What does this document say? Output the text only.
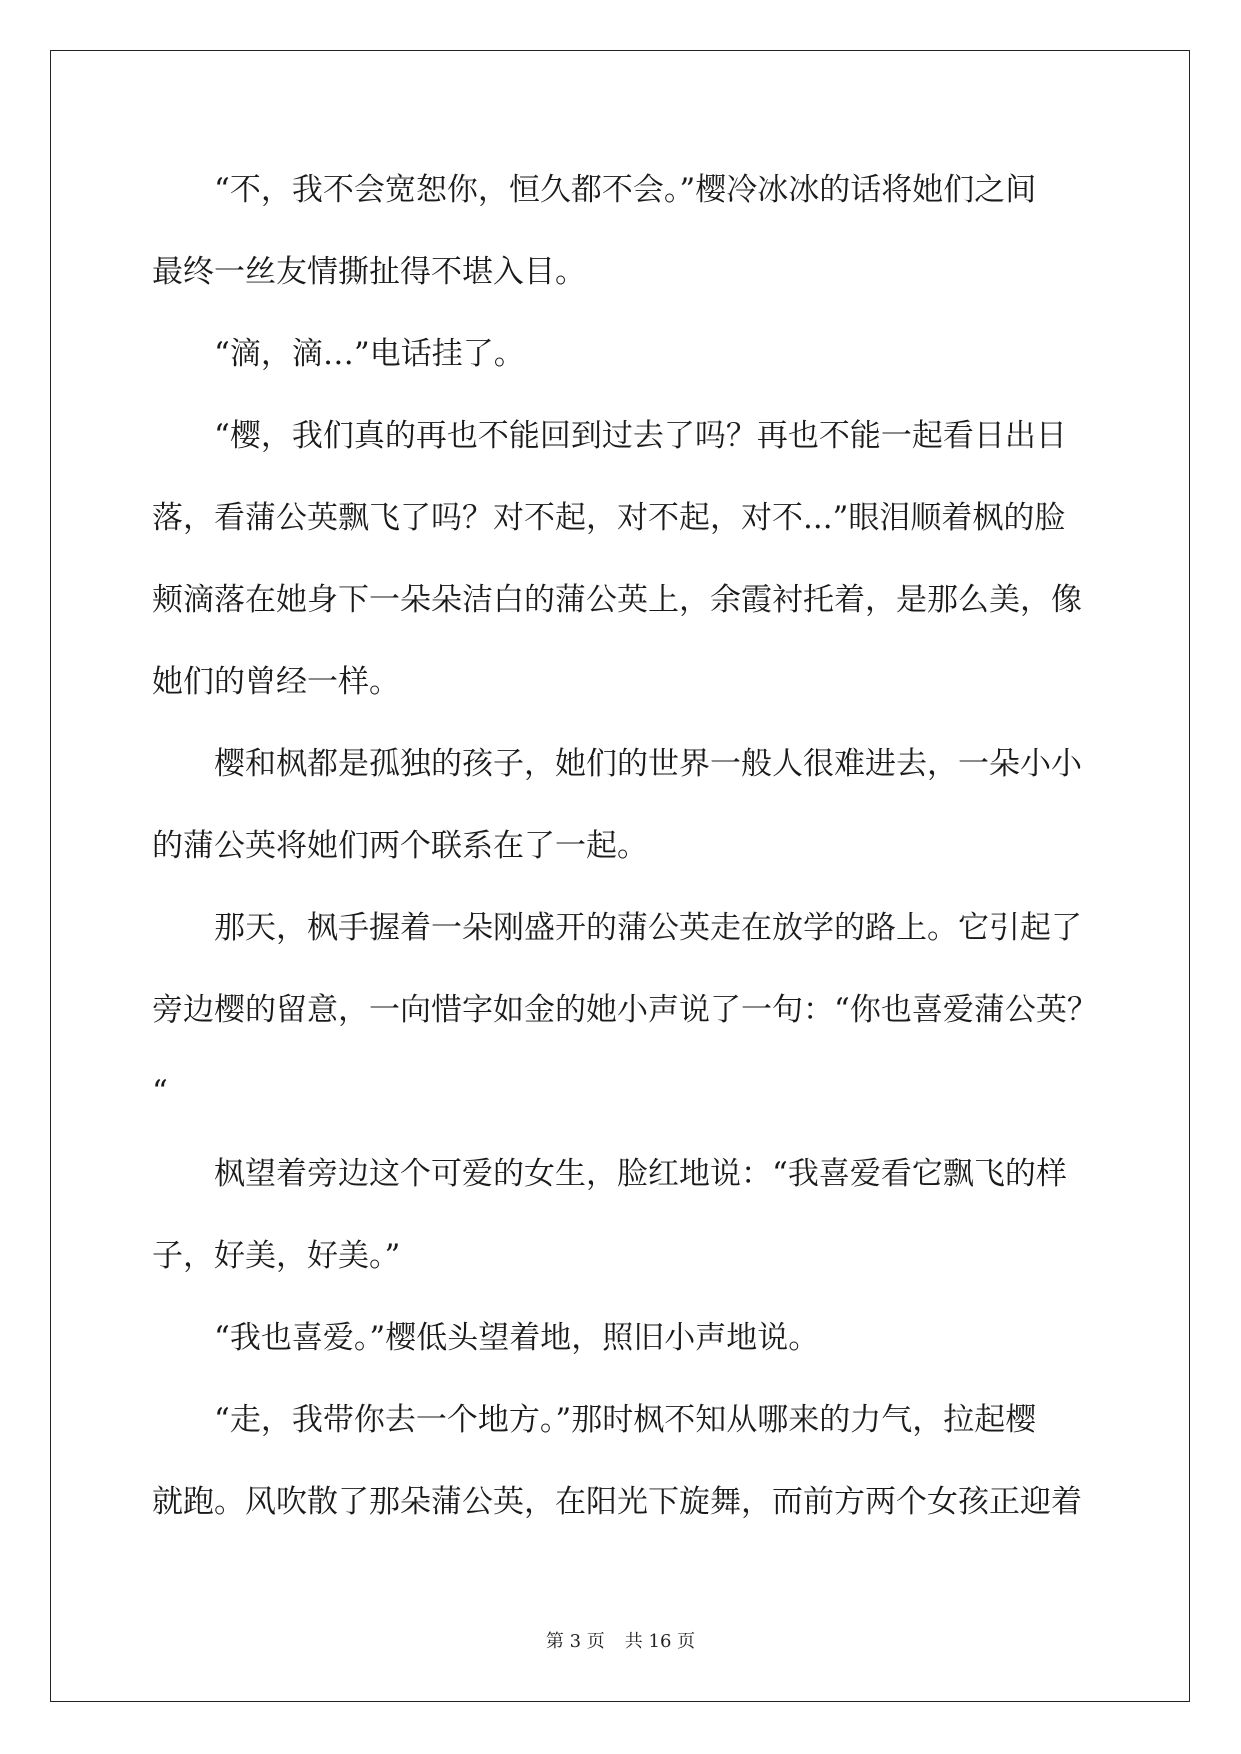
“不，我不会宽恕你，恒久都不会。”樱冷冰冰的话将她们之间
最终一丝友情撕扯得不堪入目。
“滴，滴…”电话挂了。
“樱，我们真的再也不能回到过去了吗？再也不能一起看日出日
落，看蒲公英飘飞了吗？对不起，对不起，对不...”眼泪顺着枫的脸
颊滴落在她身下一朵朵洁白的蒲公英上，余霞衬托着，是那么美，像
她们的曾经一样。
樱和枫都是孤独的孩子，她们的世界一般人很难进去，一朵小小
的蒲公英将她们两个联系在了一起。
那天，枫手握着一朵刚盛开的蒲公英走在放学的路上。它引起了
旁边樱的留意，一向惜字如金的她小声说了一句：“你也喜爱蒲公英？
“
枫望着旁边这个可爱的女生，脸红地说：“我喜爱看它飘飞的样
子，好美，好美。”
“我也喜爱。”樱低头望着地，照旧小声地说。
“走，我带你去一个地方。”那时枫不知从哪来的力气，拉起樱
就跑。风吹散了那朵蒲公英，在阳光下旋舞，而前方两个女孩正迎着
第 3 页 共 16 页
